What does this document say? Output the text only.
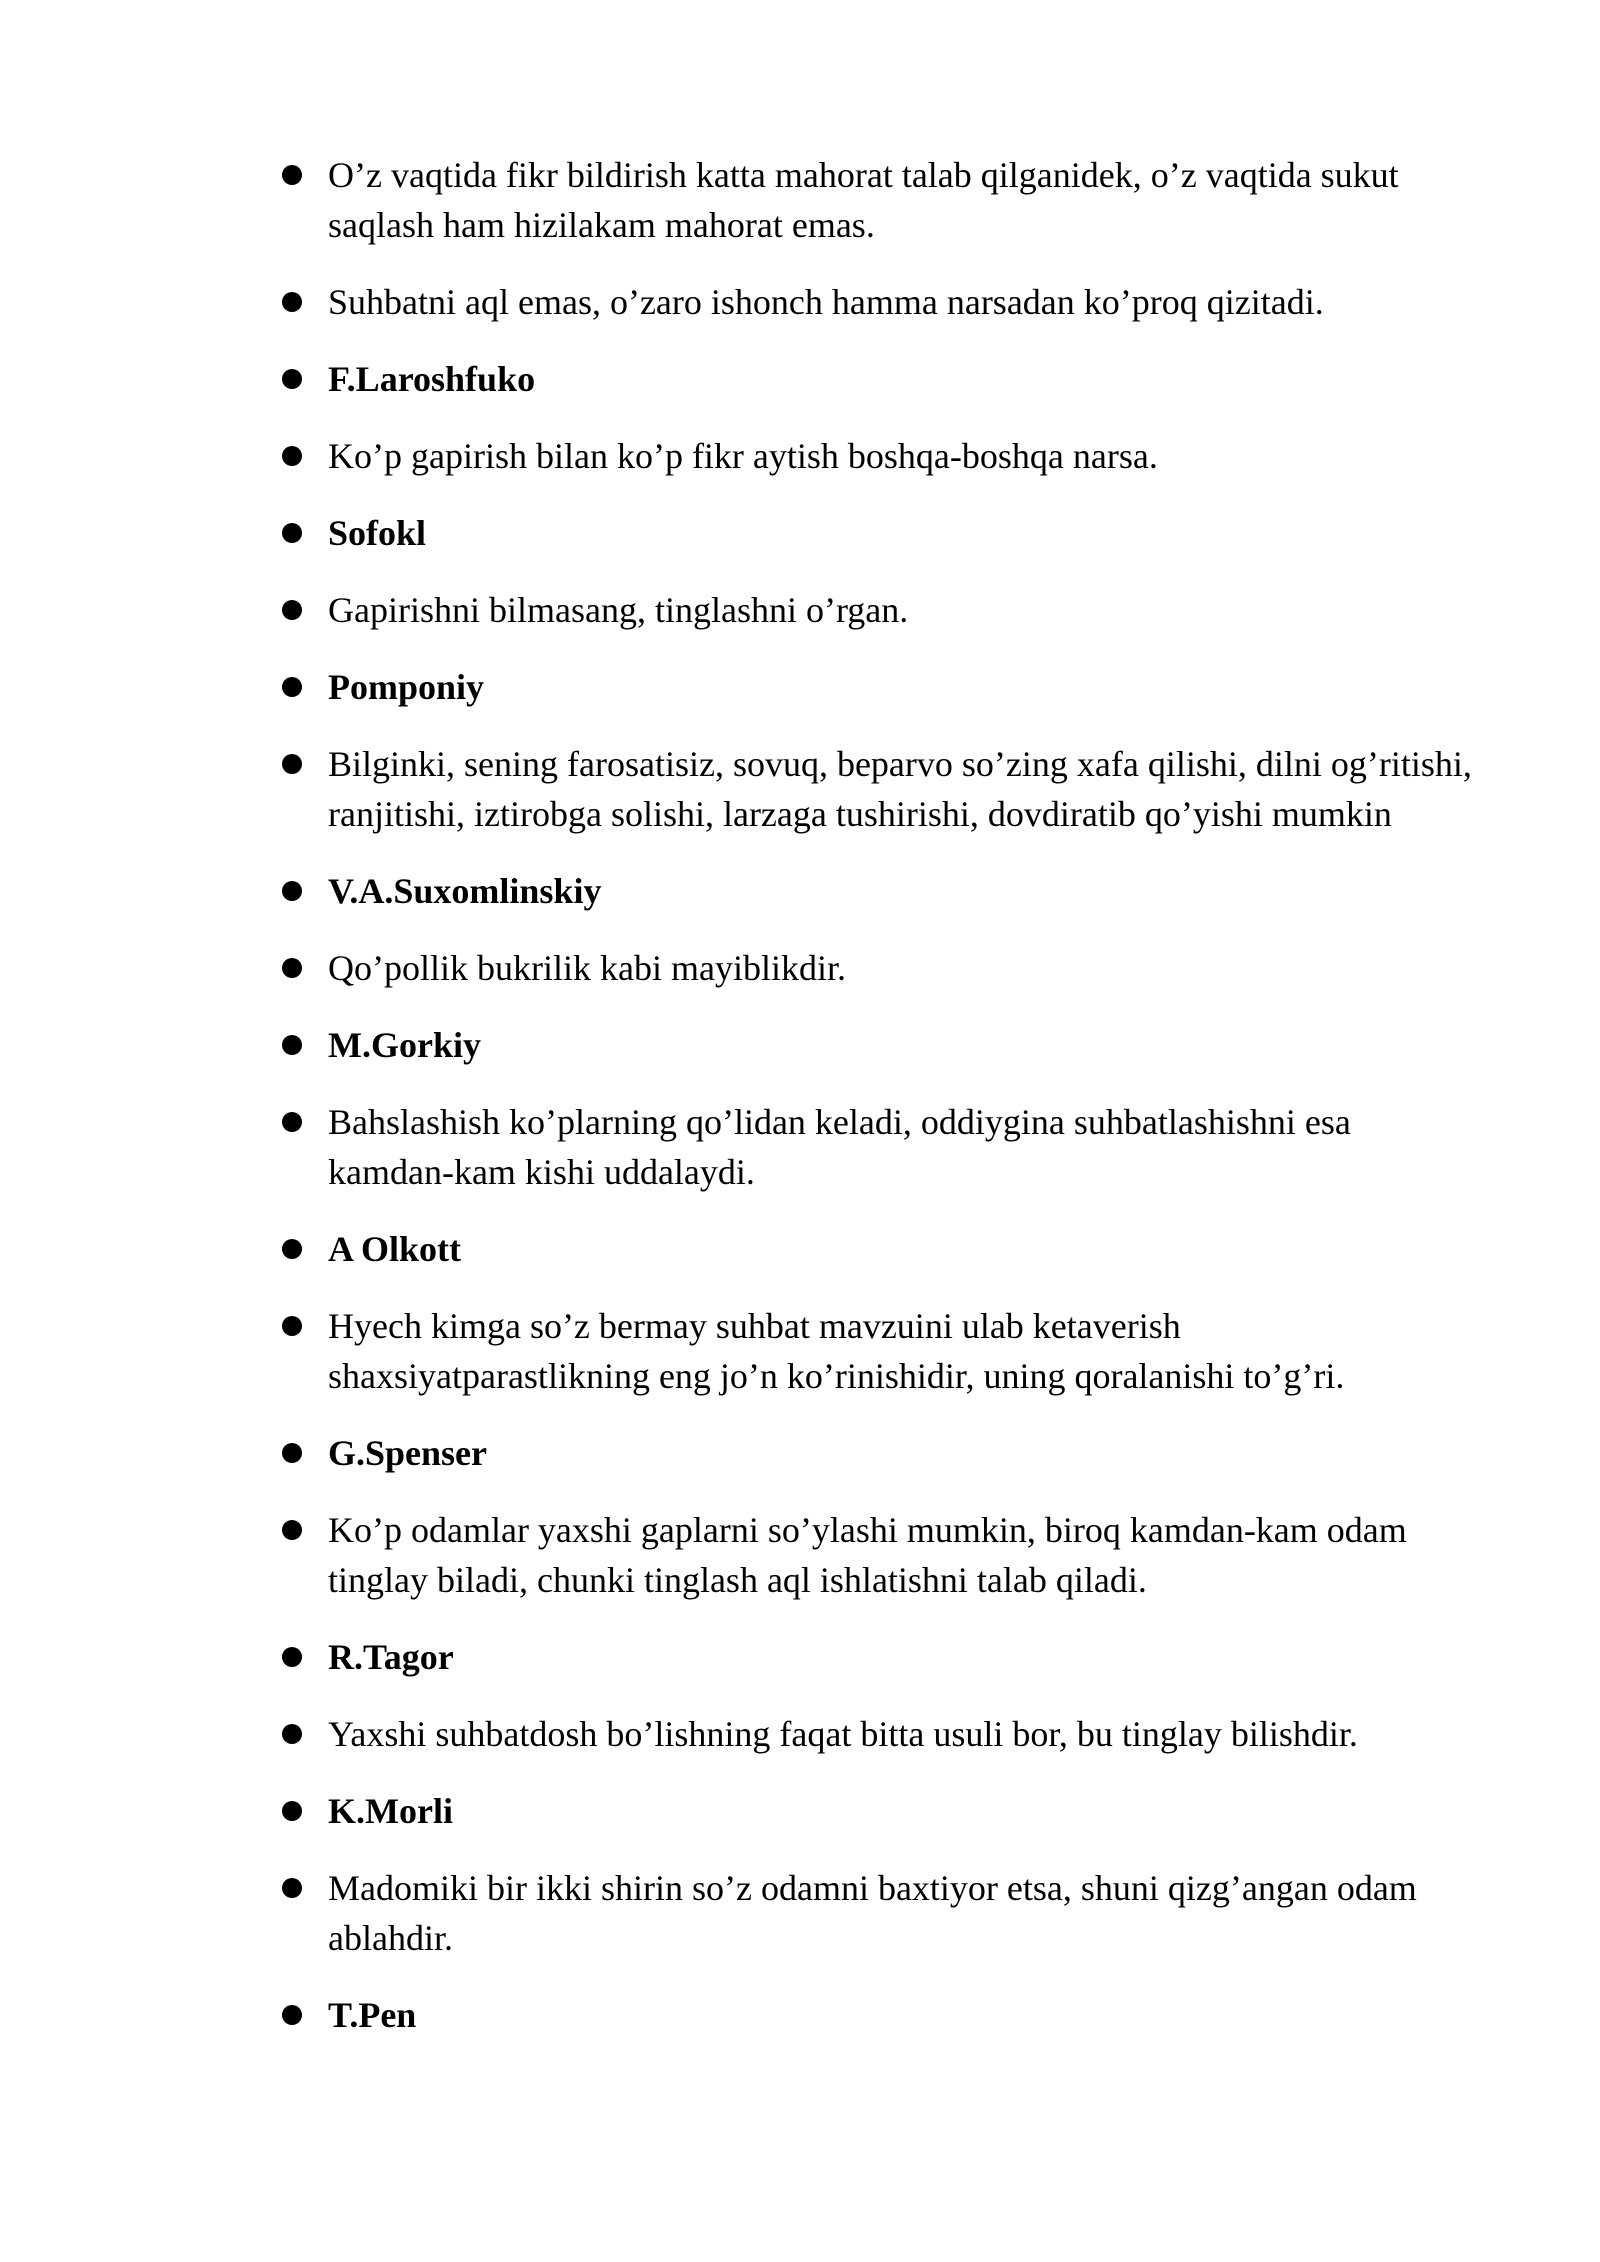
O’z vaqtida fikr bildirish katta mahorat talab qilganidek, o’z vaqtida sukut saqlash ham hizilakam mahorat emas.
Suhbatni aql emas, o’zaro ishonch hamma narsadan ko’proq qizitadi.
F.Laroshfuko
Ko’p gapirish bilan ko’p fikr aytish boshqa-boshqa narsa.
Sofokl
Gapirishni bilmasang, tinglashni o’rgan.
Pomponiy
Bilginki, sening farosatisiz, sovuq, beparvo so’zing xafa qilishi, dilni og’ritishi, ranjitishi, iztirobga solishi, larzaga tushirishi, dovdiratib qo’yishi mumkin
V.A.Suxomlinskiy
Qo’pollik bukrilik kabi mayiblikdir.
M.Gorkiy
Bahslashish ko’plarning qo’lidan keladi, oddiygina suhbatlashishni esa kamdan-kam kishi uddalaydi.
A Olkott
Hyech kimga so’z bermay suhbat mavzuini ulab ketaverish shaxsiyatparastlikning eng jo’n ko’rinishidir, uning qoralanishi to’g’ri.
G.Spenser
Ko’p odamlar yaxshi gaplarni so’ylashi mumkin, biroq kamdan-kam odam tinglay biladi, chunki tinglash aql ishlatishni talab qiladi.
R.Tagor
Yaxshi suhbatdosh bo’lishning faqat bitta usuli bor, bu tinglay bilishdir.
K.Morli
Madomiki bir ikki shirin so’z odamni baxtiyor etsa, shuni qizg’angan odam ablahdir.
T.Pen
